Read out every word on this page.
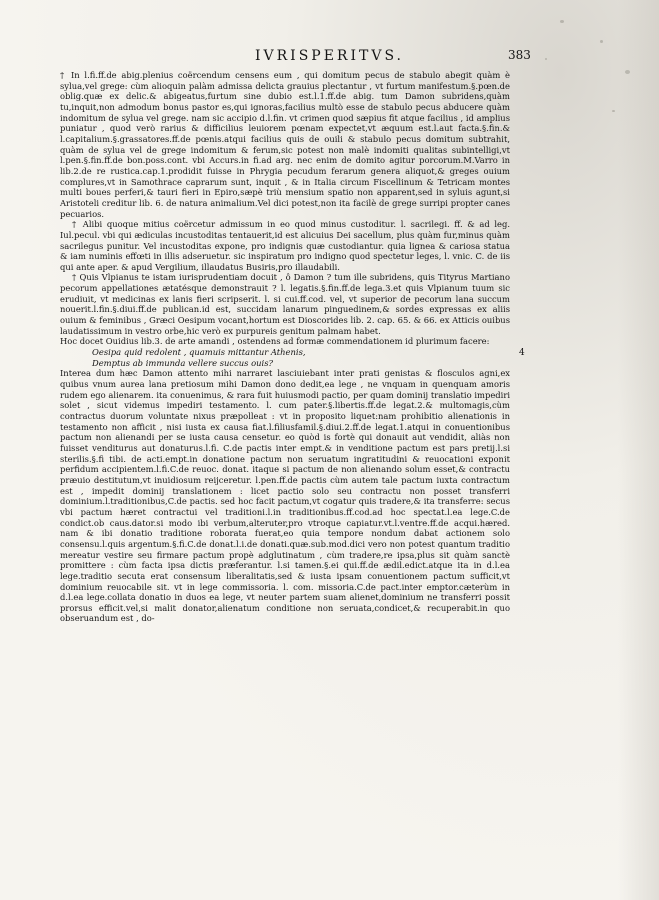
IVRISPERITVS.	383
4

† In l.fi.ff.de abig.plenius coërcendum censens eum , qui domitum pecus de stabulo abegit quàm è sylua,vel grege: cùm alioquin palàm admissa delicta grauius plectantur , vt furtum manifestum.§.pœn.de oblig.quæ ex delic.& abigeatus,furtum sine dubio est.l.1.ff.de abig. tum Damon subridens,quàm tu,inquit,non admodum bonus pastor es,qui ignoras,facilius multò esse de stabulo pecus abducere quàm indomitum de sylua vel grege. nam sic accipio d.l.fin. vt crimen quod sæpius fit atque facilius , id amplius puniatur , quod verò rarius & difficilius leuiorem pœnam expectet,vt æquum est.l.aut facta.§.fin.& l.capitalium.§.grassatores.ff.de pœnis.atqui facilius quis de ouili & stabulo pecus domitum subtrahit, quàm de sylua vel de grege indomitum & ferum,sic potest non malè indomiti qualitas subintelligi,vt l.pen.§.fin.ff.de bon.poss.cont. vbi Accurs.in fi.ad arg. nec enim de domito agitur porcorum.M.Varro in lib.2.de re rustica.cap.1.prodidit fuisse in Phrygia pecudum ferarum genera aliquot,& greges ouium complures,vt in Samothrace caprarum sunt, inquit , & in Italia circum Fiscellinum & Tetricam montes multi boues perferi,& tauri fieri in Epiro,sæpè triù mensium spatio non apparent,sed in syluis agunt,si Aristoteli creditur lib. 6. de natura animalium.Vel dici potest,non ita facilè de grege surripi propter canes pecuarios.

† Alibi quoque mitius coërcetur admissum in eo quod minus custoditur. l. sacrilegi. ff. & ad leg. Iul.pecul. vbi qui ædiculas incustoditas tentauerit,id est alicuius Dei sacellum, plus quàm fur,minus quàm sacrilegus punitur. Vel incustoditas expone, pro indignis quæ custodiantur. quia lignea & cariosa statua & iam numinis effœti in illis adseruetur. sic inspiratum pro indigno quod spectetur leges, l. vnic. C. de iis qui ante aper. & apud Vergilium, illaudatus Busiris,pro illaudabili.

† Quis Vlpianus te istam iurisprudentiam docuit , ô Damon ? tum ille subridens, quis Tityrus Martiano pecorum appellationes ætatésque demonstrauit ? l. legatis.§.fin.ff.de lega.3.et quis Vlpianum tuum sic erudiuit, vt medicinas ex lanis fieri scripserit. l. si cui.ff.cod. vel, vt superior de pecorum lana succum nouerit.l.fin.§.diui.ff.de publican.id est, succidam lanarum pinguedinem,& sordes expressas ex aliis ouium & feminibus , Græci Oesipum vocant,hortum est Dioscorides lib. 2. cap. 65. & 66. ex Atticis ouibus laudatissimum in vestro orbe,hic verò ex purpureis genitum palmam habet.

Hoc docet Ouidius lib.3. de arte amandi , ostendens ad formæ commendationem id plurimum facere:

Oesipa quid redolent , quamuis mittantur Athenis,

Demptus ab immunda vellere succus ouis?

Interea dum hæc Damon attento mihi narraret lasciuiebant inter prati genistas & flosculos agni,ex quibus vnum aurea lana pretiosum mihi Damon dono dedit,ea lege , ne vnquam in quenquam amoris rudem ego alienarem. ita conuenimus, & rara fuit huiusmodi pactio, per quam dominij translatio impediri solet , sicut videmus impediri testamento. l. cum pater.§.libertis.ff.de legat.2.& multomagis,cùm contractus duorum voluntate nixus præpolleat : vt in proposito liquet:nam prohibitio alienationis in testamento non afficit , nisi iusta ex causa fiat.l.filiusfamil.§.diui.2.ff.de legat.1.atqui in conuentionibus pactum non alienandi per se iusta causa censetur. eo quòd is fortè qui donauit aut vendidit, aliàs non fuisset venditurus aut donaturus.l.fi. C.de pactis inter empt.& in venditione pactum est pars pretij.l.si sterilis.§.fi tibi. de acti.empt.in donatione pactum non seruatum ingratitudini & reuocationi exponit perfidum accipientem.l.fi.C.de reuoc. donat. itaque si pactum de non alienando solum esset,& contractu præuio destitutum,vt inuidiosum reijceretur. l.pen.ff.de pactis cùm autem tale pactum iuxta contractum est , impedit dominij translationem : licet pactio solo seu contractu non posset transferri dominium.l.traditionibus,C.de pactis. sed hoc facit pactum,vt cogatur quis tradere,& ita transferre: secus vbi pactum hæret contractui vel traditioni.l.in traditionibus.ff.cod.ad hoc spectat.l.ea lege.C.de condict.ob caus.dator.si modo ibi verbum,alteruter,pro vtroque capiatur.vt.l.ventre.ff.de acqui.hæred. nam & ibi donatio traditione roborata fuerat,eo quia tempore nondum dabat actionem solo consensu.l.quis argentum.§.fi.C.de donat.l.i.de donati.quæ.sub.mod.dici vero non potest quantum traditio mereatur vestire seu firmare pactum propè adglutinatum , cùm tradere,re ipsa,plus sit quàm sanctè promittere : cùm facta ipsa dictis præferantur. l.si tamen.§.ei qui.ff.de ædil.edict.atque ita in d.l.ea lege.traditio secuta erat consensum liberalitatis,sed & iusta ipsam conuentionem pactum sufficit,vt dominium reuocabile sit. vt in lege commissoria. l. com. missoria.C.de pact.inter emptor.cæterùm in d.l.ea lege.collata donatio in duos ea lege, vt neuter partem suam alienet,dominium ne transferri possit prorsus efficit.vel,si malit donator,alienatum conditione non seruata,condicet,& recuperabit.in quo obseruandum est , do-
